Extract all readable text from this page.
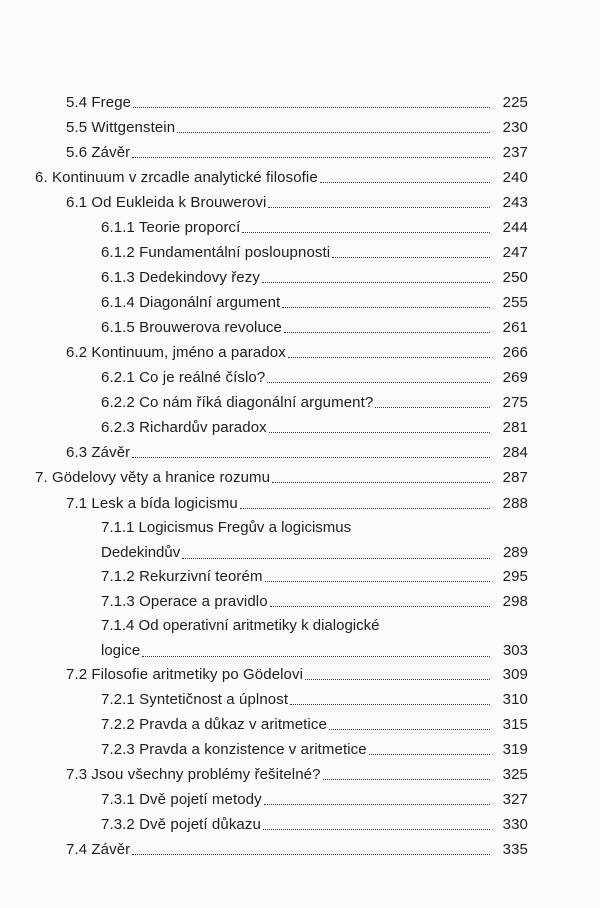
5.4 Frege	225
5.5 Wittgenstein	230
5.6 Závěr	237
6. Kontinuum v zrcadle analytické filosofie	240
6.1 Od Eukleida k Brouwerovi	243
6.1.1 Teorie proporcí	244
6.1.2 Fundamentální posloupnosti	247
6.1.3 Dedekindovy řezy	250
6.1.4 Diagonální argument	255
6.1.5 Brouwerova revoluce	261
6.2 Kontinuum, jméno a paradox	266
6.2.1 Co je reálné číslo?	269
6.2.2 Co nám říká diagonální argument?	275
6.2.3 Richardův paradox	281
6.3 Závěr	284
7. Gödelovy věty a hranice rozumu	287
7.1 Lesk a bída logicismu	288
7.1.1 Logicismus Fregův a logicismus
Dedekindův	289
7.1.2 Rekurzivní teorém	295
7.1.3 Operace a pravidlo	298
7.1.4 Od operativní aritmetiky k dialogické
logice	303
7.2 Filosofie aritmetiky po Gödelovi	309
7.2.1 Syntetičnost a úplnost	310
7.2.2 Pravda a důkaz v aritmetice	315
7.2.3 Pravda a konzistence v aritmetice	319
7.3 Jsou všechny problémy řešitelné?	325
7.3.1 Dvě pojetí metody	327
7.3.2 Dvě pojetí důkazu	330
7.4 Závěr	335
